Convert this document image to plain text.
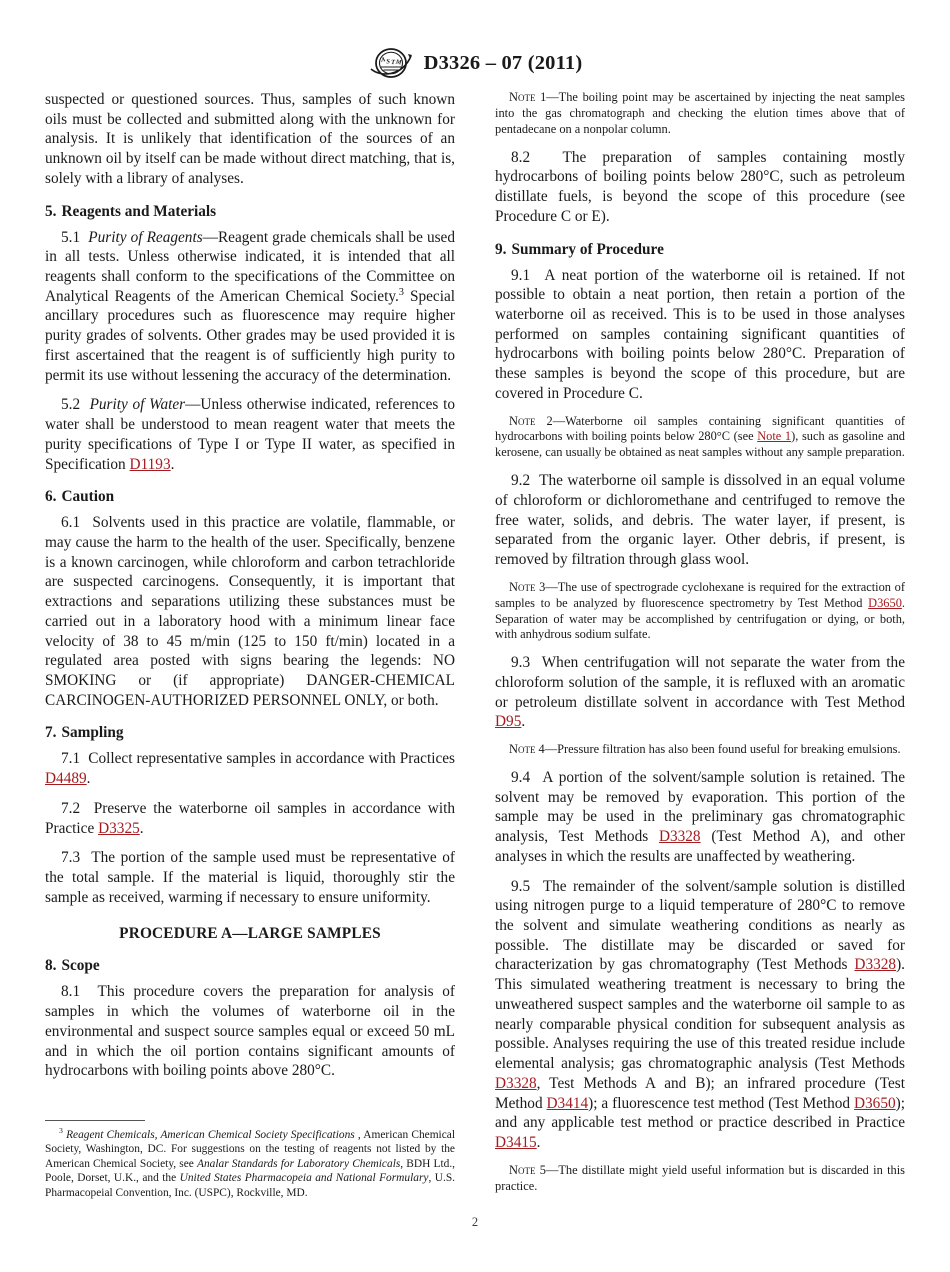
A S T M D3326 – 07 (2011)

suspected or questioned sources. Thus, samples of such known oils must be collected and submitted along with the unknown for analysis. It is unlikely that identification of the sources of an unknown oil by itself can be made without direct matching, that is, solely with a library of analyses.

5. Reagents and Materials

5.1 Purity of Reagents—Reagent grade chemicals shall be used in all tests. Unless otherwise indicated, it is intended that all reagents shall conform to the specifications of the Committee on Analytical Reagents of the American Chemical Society.$^3$ Special ancillary procedures such as fluorescence may require higher purity grades of solvents. Other grades may be used provided it is first ascertained that the reagent is of sufficiently high purity to permit its use without lessening the accuracy of the determination.

5.2 Purity of Water—Unless otherwise indicated, references to water shall be understood to mean reagent water that meets the purity specifications of Type I or Type II water, as specified in Specification D1193.

6. Caution

6.1 Solvents used in this practice are volatile, flammable, or may cause the harm to the health of the user. Specifically, benzene is a known carcinogen, while chloroform and carbon tetrachloride are suspected carcinogens. Consequently, it is important that extractions and separations utilizing these substances must be carried out in a laboratory hood with a minimum linear face velocity of 38 to 45 m/min (125 to 150 ft/min) located in a regulated area posted with signs bearing the legends: NO SMOKING or (if appropriate) DANGER-CHEMICAL CARCINOGEN-AUTHORIZED PERSONNEL ONLY, or both.

7. Sampling

7.1 Collect representative samples in accordance with Practices D4489.

7.2 Preserve the waterborne oil samples in accordance with Practice D3325.

7.3 The portion of the sample used must be representative of the total sample. If the material is liquid, thoroughly stir the sample as received, warming if necessary to ensure uniformity.

PROCEDURE A—LARGE SAMPLES

8. Scope

8.1 This procedure covers the preparation for analysis of samples in which the volumes of waterborne oil in the environmental and suspect source samples equal or exceed 50 mL and in which the oil portion contains significant amounts of hydrocarbons with boiling points above 280°C.

$^3$ Reagent Chemicals, American Chemical Society Specifications , American Chemical Society, Washington, DC. For suggestions on the testing of reagents not listed by the American Chemical Society, see Analar Standards for Laboratory Chemicals, BDH Ltd., Poole, Dorset, U.K., and the United States Pharmacopeia and National Formulary, U.S. Pharmacopeial Convention, Inc. (USPC), Rockville, MD.

Note 1—The boiling point may be ascertained by injecting the neat samples into the gas chromatograph and checking the elution times above that of pentadecane on a nonpolar column.

8.2 The preparation of samples containing mostly hydrocarbons of boiling points below 280°C, such as petroleum distillate fuels, is beyond the scope of this procedure (see Procedure C or E).

9. Summary of Procedure

9.1 A neat portion of the waterborne oil is retained. If not possible to obtain a neat portion, then retain a portion of the waterborne oil as received. This is to be used in those analyses performed on samples containing significant quantities of hydrocarbons with boiling points below 280°C. Preparation of these samples is beyond the scope of this procedure, but are covered in Procedure C.

Note 2—Waterborne oil samples containing significant quantities of hydrocarbons with boiling points below 280°C (see Note 1), such as gasoline and kerosene, can usually be obtained as neat samples without any sample preparation.

9.2 The waterborne oil sample is dissolved in an equal volume of chloroform or dichloromethane and centrifuged to remove the free water, solids, and debris. The water layer, if present, is separated from the organic layer. Other debris, if present, is removed by filtration through glass wool.

Note 3—The use of spectrograde cyclohexane is required for the extraction of samples to be analyzed by fluorescence spectrometry by Test Method D3650. Separation of water may be accomplished by centrifugation or dying, or both, with anhydrous sodium sulfate.

9.3 When centrifugation will not separate the water from the chloroform solution of the sample, it is refluxed with an aromatic or petroleum distillate solvent in accordance with Test Method D95.

Note 4—Pressure filtration has also been found useful for breaking emulsions.

9.4 A portion of the solvent/sample solution is retained. The solvent may be removed by evaporation. This portion of the sample may be used in the preliminary gas chromatographic analysis, Test Methods D3328 (Test Method A), and other analyses in which the results are unaffected by weathering.

9.5 The remainder of the solvent/sample solution is distilled using nitrogen purge to a liquid temperature of 280°C to remove the solvent and simulate weathering conditions as nearly as possible. The distillate may be discarded or saved for characterization by gas chromatography (Test Methods D3328). This simulated weathering treatment is necessary to bring the unweathered suspect samples and the waterborne oil sample to as nearly comparable physical condition for subsequent analysis as possible. Analyses requiring the use of this treated residue include elemental analysis; gas chromatographic analysis (Test Methods D3328, Test Methods A and B); an infrared procedure (Test Method D3414); a fluorescence test method (Test Method D3650); and any applicable test method or practice described in Practice D3415.

Note 5—The distillate might yield useful information but is discarded in this practice.

2
